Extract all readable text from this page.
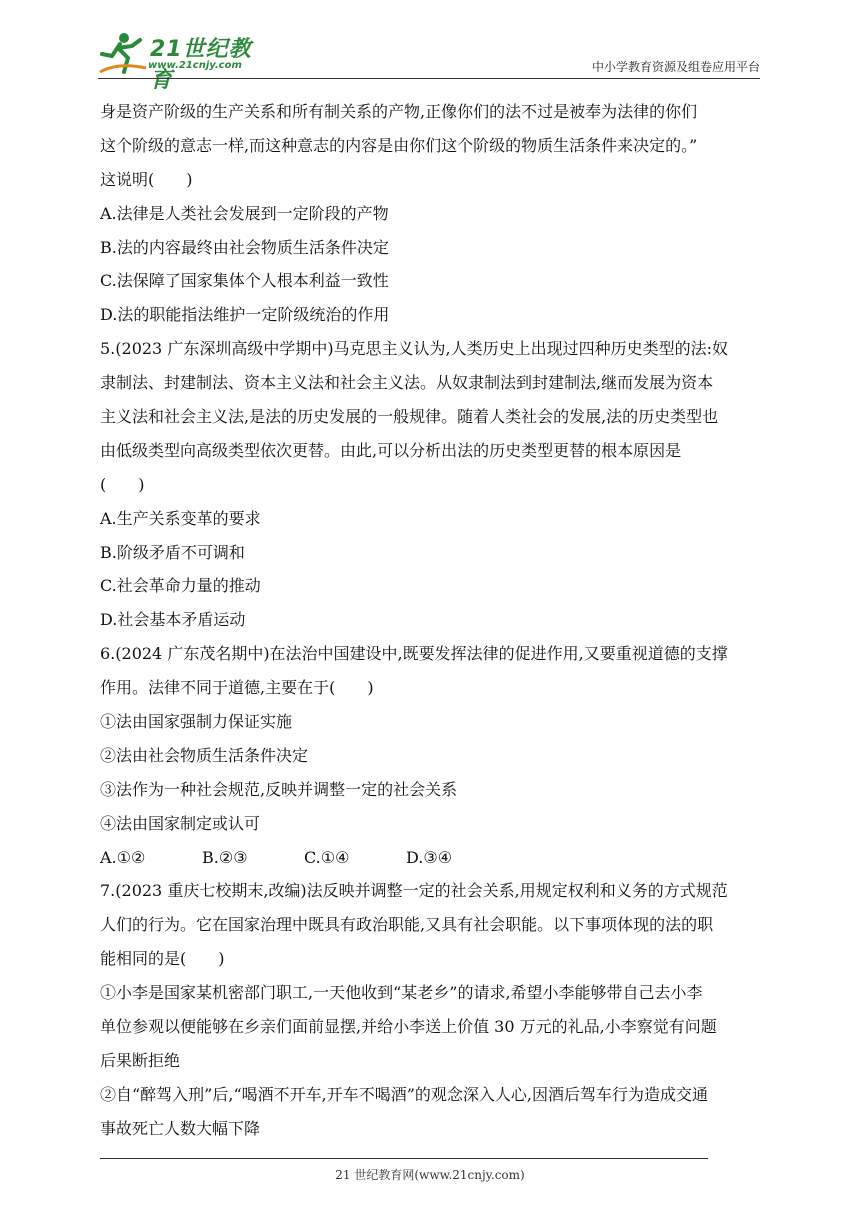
21世纪教育
www.21cnjy.com	中小学教育资源及组卷应用平台
身是资产阶级的生产关系和所有制关系的产物,正像你们的法不过是被奉为法律的你们
这个阶级的意志一样,而这种意志的内容是由你们这个阶级的物质生活条件来决定的。”
这说明(　　)
A.法律是人类社会发展到一定阶段的产物
B.法的内容最终由社会物质生活条件决定
C.法保障了国家集体个人根本利益一致性
D.法的职能指法维护一定阶级统治的作用
5.(2023 广东深圳高级中学期中)马克思主义认为,人类历史上出现过四种历史类型的法:奴
隶制法、封建制法、资本主义法和社会主义法。从奴隶制法到封建制法,继而发展为资本
主义法和社会主义法,是法的历史发展的一般规律。随着人类社会的发展,法的历史类型也
由低级类型向高级类型依次更替。由此,可以分析出法的历史类型更替的根本原因是
(　　)
A.生产关系变革的要求
B.阶级矛盾不可调和
C.社会革命力量的推动
D.社会基本矛盾运动
6.(2024 广东茂名期中)在法治中国建设中,既要发挥法律的促进作用,又要重视道德的支撑
作用。法律不同于道德,主要在于(　　)
①法由国家强制力保证实施
②法由社会物质生活条件决定
③法作为一种社会规范,反映并调整一定的社会关系
④法由国家制定或认可
A.①②	B.②③	C.①④	D.③④
7.(2023 重庆七校期末,改编)法反映并调整一定的社会关系,用规定权利和义务的方式规范
人们的行为。它在国家治理中既具有政治职能,又具有社会职能。以下事项体现的法的职
能相同的是(　　)
①小李是国家某机密部门职工,一天他收到“某老乡”的请求,希望小李能够带自己去小李
单位参观以便能够在乡亲们面前显摆,并给小李送上价值 30 万元的礼品,小李察觉有问题
后果断拒绝
②自“醉驾入刑”后,“喝酒不开车,开车不喝酒”的观念深入人心,因酒后驾车行为造成交通
事故死亡人数大幅下降
21 世纪教育网(www.21cnjy.com)
